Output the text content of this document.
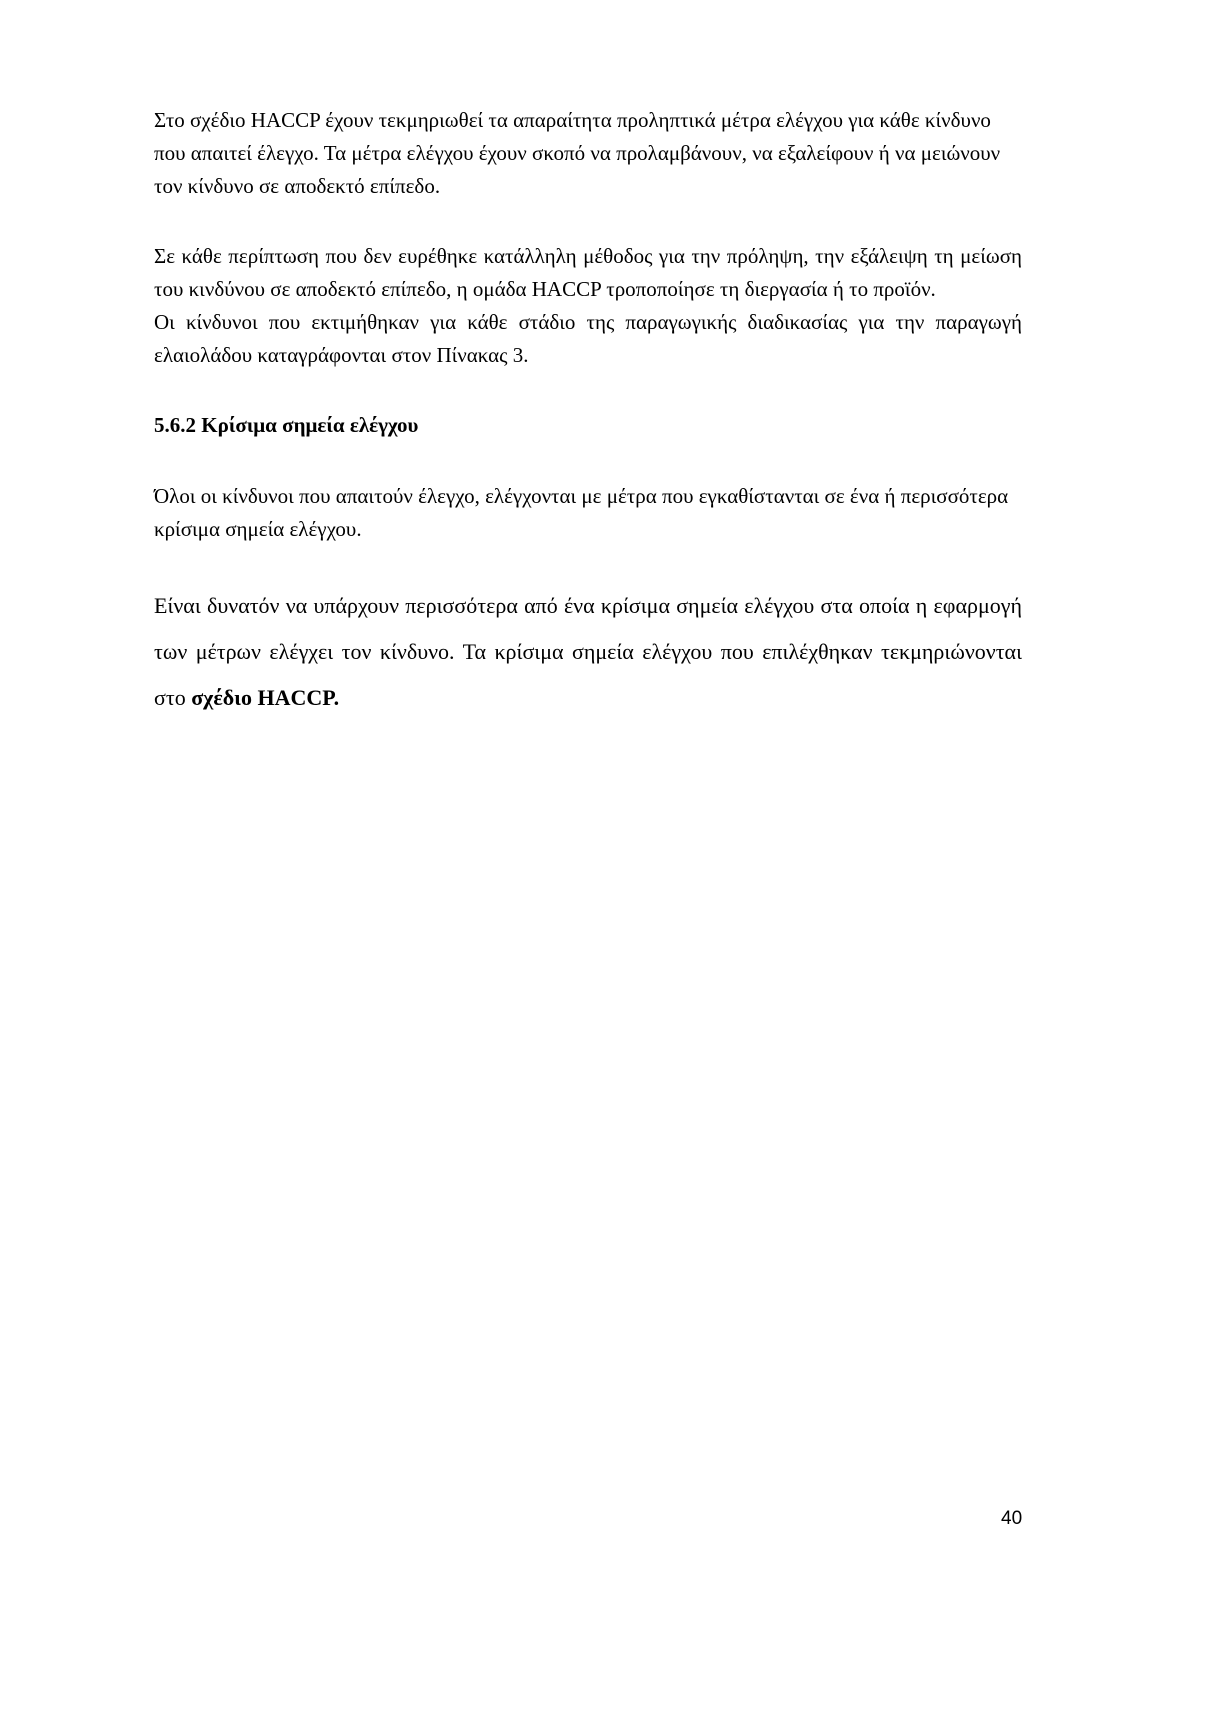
Στο σχέδιο HACCP έχουν τεκμηριωθεί τα απαραίτητα προληπτικά μέτρα ελέγχου για κάθε κίνδυνο που απαιτεί έλεγχο. Τα μέτρα ελέγχου έχουν σκοπό να προλαμβάνουν, να εξαλείφουν ή να μειώνουν τον κίνδυνο σε αποδεκτό επίπεδο.

Σε κάθε περίπτωση που δεν ευρέθηκε κατάλληλη μέθοδος για την πρόληψη, την εξάλειψη τη μείωση του κινδύνου σε αποδεκτό επίπεδο, η ομάδα HACCP τροποποίησε τη διεργασία ή το προϊόν.

Οι κίνδυνοι που εκτιμήθηκαν για κάθε στάδιο της παραγωγικής διαδικασίας για την παραγωγή ελαιολάδου καταγράφονται στον Πίνακας 3.

5.6.2 Κρίσιμα σημεία ελέγχου

Όλοι οι κίνδυνοι που απαιτούν έλεγχο, ελέγχονται με μέτρα που εγκαθίστανται σε ένα ή περισσότερα κρίσιμα σημεία ελέγχου.

Είναι δυνατόν να υπάρχουν περισσότερα από ένα κρίσιμα σημεία ελέγχου στα οποία η εφαρμογή των μέτρων ελέγχει τον κίνδυνο. Τα κρίσιμα σημεία ελέγχου που επιλέχθηκαν τεκμηριώνονται στο σχέδιο HACCP.

40
